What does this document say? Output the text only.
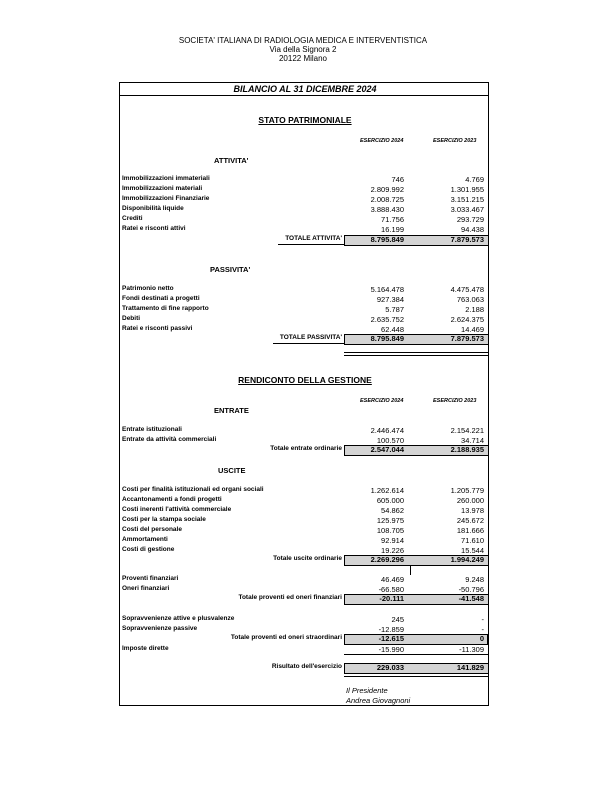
SOCIETA' ITALIANA DI RADIOLOGIA MEDICA E INTERVENTISTICA
Via della Signora 2
20122 Milano
BILANCIO AL 31 DICEMBRE 2024
STATO PATRIMONIALE
ESERCIZIO 2024	ESERCIZIO 2023
ATTIVITA'
Immobilizzazioni immateriali	746	4.769
Immobilizzazioni materiali	2.809.992	1.301.955
Immobilizzazioni Finanziarie	2.008.725	3.151.215
Disponibilità liquide	3.888.430	3.033.467
Crediti	71.756	293.729
Ratei e risconti attivi	16.199	94.438
TOTALE ATTIVITA'	8.795.849	7.879.573
PASSIVITA'
Patrimonio netto	5.164.478	4.475.478
Fondi destinati a progetti	927.384	763.063
Trattamento di fine rapporto	5.787	2.188
Debiti	2.635.752	2.624.375
Ratei e risconti passivi	62.448	14.469
TOTALE PASSIVITA'	8.795.849	7.879.573
RENDICONTO DELLA GESTIONE
ESERCIZIO 2024	ESERCIZIO 2023
ENTRATE
Entrate istituzionali	2.446.474	2.154.221
Entrate da attività commerciali	100.570	34.714
Totale entrate ordinarie	2.547.044	2.188.935
USCITE
Costi per finalità istituzionali ed organi sociali	1.262.614	1.205.779
Accantonamenti a fondi progetti	605.000	260.000
Costi inerenti l'attività commerciale	54.862	13.978
Costi per la stampa sociale	125.975	245.672
Costi del personale	108.705	181.666
Ammortamenti	92.914	71.610
Costi di gestione	19.226	15.544
Totale uscite ordinarie	2.269.296	1.994.249
Proventi finanziari	46.469	9.248
Oneri finanziari	-66.580	-50.796
Totale proventi ed oneri finanziari	-20.111	-41.548
Sopravvenienze attive e plusvalenze	245	-
Sopravvenienze passive	-12.859	-
Totale proventi ed oneri straordinari	-12.615	0
Imposte dirette	-15.990	-11.309
Risultato dell'esercizio	229.033	141.829
Il Presidente
Andrea Giovagnoni
